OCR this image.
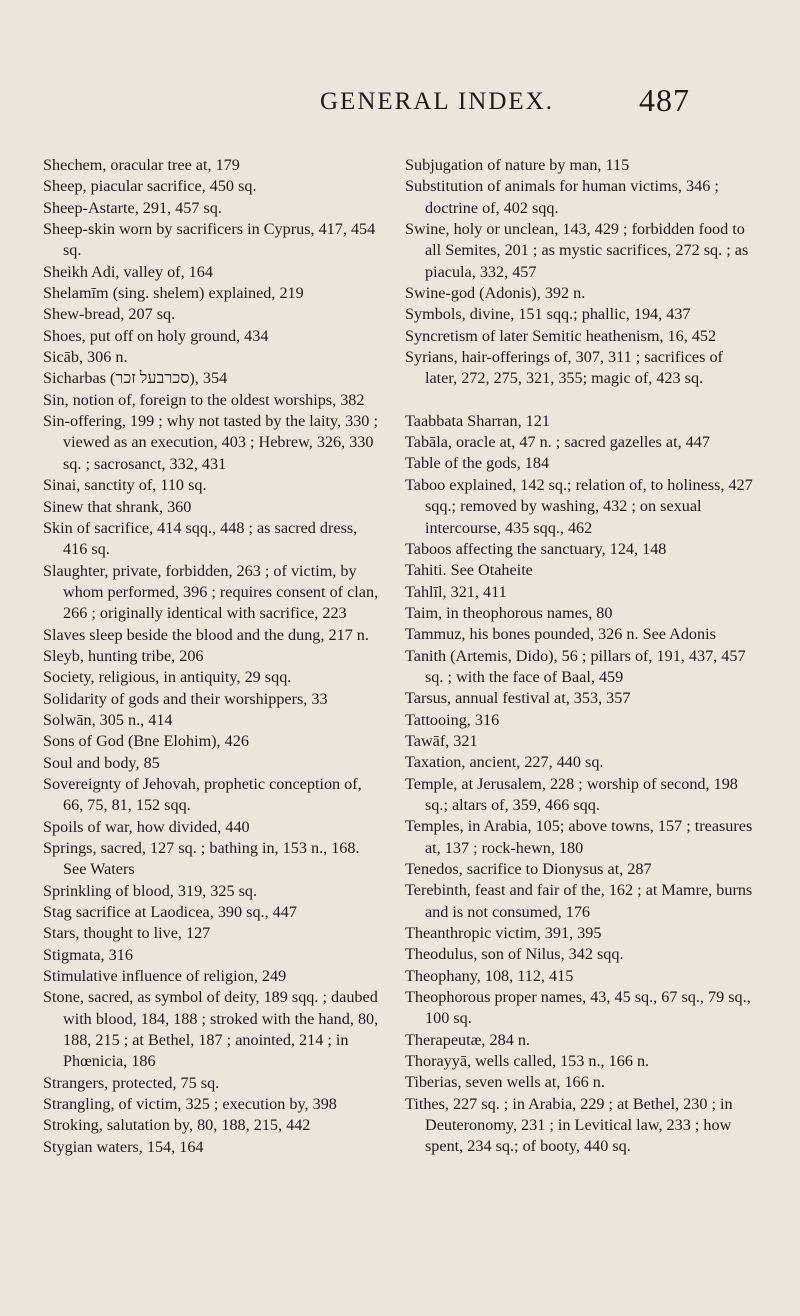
GENERAL INDEX.	487

Shechem, oracular tree at, 179

Sheep, piacular sacrifice, 450 sq.

Sheep-Astarte, 291, 457 sq.

Sheep-skin worn by sacrificers in Cyprus, 417, 454 sq.

Sheikh Adi, valley of, 164

Shelamīm (sing. shelem) explained, 219

Shew-bread, 207 sq.

Shoes, put off on holy ground, 434

Sicāb, 306 n.

Sicharbas (סכרבעל זכר), 354

Sin, notion of, foreign to the oldest worships, 382

Sin-offering, 199 ; why not tasted by the laity, 330 ; viewed as an execution, 403 ; Hebrew, 326, 330 sq. ; sacrosanct, 332, 431

Sinai, sanctity of, 110 sq.

Sinew that shrank, 360

Skin of sacrifice, 414 sqq., 448 ; as sacred dress, 416 sq.

Slaughter, private, forbidden, 263 ; of victim, by whom performed, 396 ; requires consent of clan, 266 ; originally identical with sacrifice, 223

Slaves sleep beside the blood and the dung, 217 n.

Sleyb, hunting tribe, 206

Society, religious, in antiquity, 29 sqq.

Solidarity of gods and their worshippers, 33

Solwān, 305 n., 414

Sons of God (Bne Elohim), 426

Soul and body, 85

Sovereignty of Jehovah, prophetic conception of, 66, 75, 81, 152 sqq.

Spoils of war, how divided, 440

Springs, sacred, 127 sq. ; bathing in, 153 n., 168. See Waters

Sprinkling of blood, 319, 325 sq.

Stag sacrifice at Laodicea, 390 sq., 447

Stars, thought to live, 127

Stigmata, 316

Stimulative influence of religion, 249

Stone, sacred, as symbol of deity, 189 sqq. ; daubed with blood, 184, 188 ; stroked with the hand, 80, 188, 215 ; at Bethel, 187 ; anointed, 214 ; in Phœnicia, 186

Strangers, protected, 75 sq.

Strangling, of victim, 325 ; execution by, 398

Stroking, salutation by, 80, 188, 215, 442

Stygian waters, 154, 164

Subjugation of nature by man, 115

Substitution of animals for human victims, 346 ; doctrine of, 402 sqq.

Swine, holy or unclean, 143, 429 ; forbidden food to all Semites, 201 ; as mystic sacrifices, 272 sq. ; as piacula, 332, 457

Swine-god (Adonis), 392 n.

Symbols, divine, 151 sqq.; phallic, 194, 437

Syncretism of later Semitic heathenism, 16, 452

Syrians, hair-offerings of, 307, 311 ; sacrifices of later, 272, 275, 321, 355; magic of, 423 sq.

Taabbata Sharran, 121

Tabāla, oracle at, 47 n. ; sacred gazelles at, 447

Table of the gods, 184

Taboo explained, 142 sq.; relation of, to holiness, 427 sqq.; removed by washing, 432 ; on sexual intercourse, 435 sqq., 462

Taboos affecting the sanctuary, 124, 148

Tahiti. See Otaheite

Tahlīl, 321, 411

Taim, in theophorous names, 80

Tammuz, his bones pounded, 326 n. See Adonis

Tanith (Artemis, Dido), 56 ; pillars of, 191, 437, 457 sq. ; with the face of Baal, 459

Tarsus, annual festival at, 353, 357

Tattooing, 316

Tawāf, 321

Taxation, ancient, 227, 440 sq.

Temple, at Jerusalem, 228 ; worship of second, 198 sq.; altars of, 359, 466 sqq.

Temples, in Arabia, 105; above towns, 157 ; treasures at, 137 ; rock-hewn, 180

Tenedos, sacrifice to Dionysus at, 287

Terebinth, feast and fair of the, 162 ; at Mamre, burns and is not consumed, 176

Theanthropic victim, 391, 395

Theodulus, son of Nilus, 342 sqq.

Theophany, 108, 112, 415

Theophorous proper names, 43, 45 sq., 67 sq., 79 sq., 100 sq.

Therapeutæ, 284 n.

Thorayyā, wells called, 153 n., 166 n.

Tiberias, seven wells at, 166 n.

Tithes, 227 sq. ; in Arabia, 229 ; at Bethel, 230 ; in Deuteronomy, 231 ; in Levitical law, 233 ; how spent, 234 sq.; of booty, 440 sq.
